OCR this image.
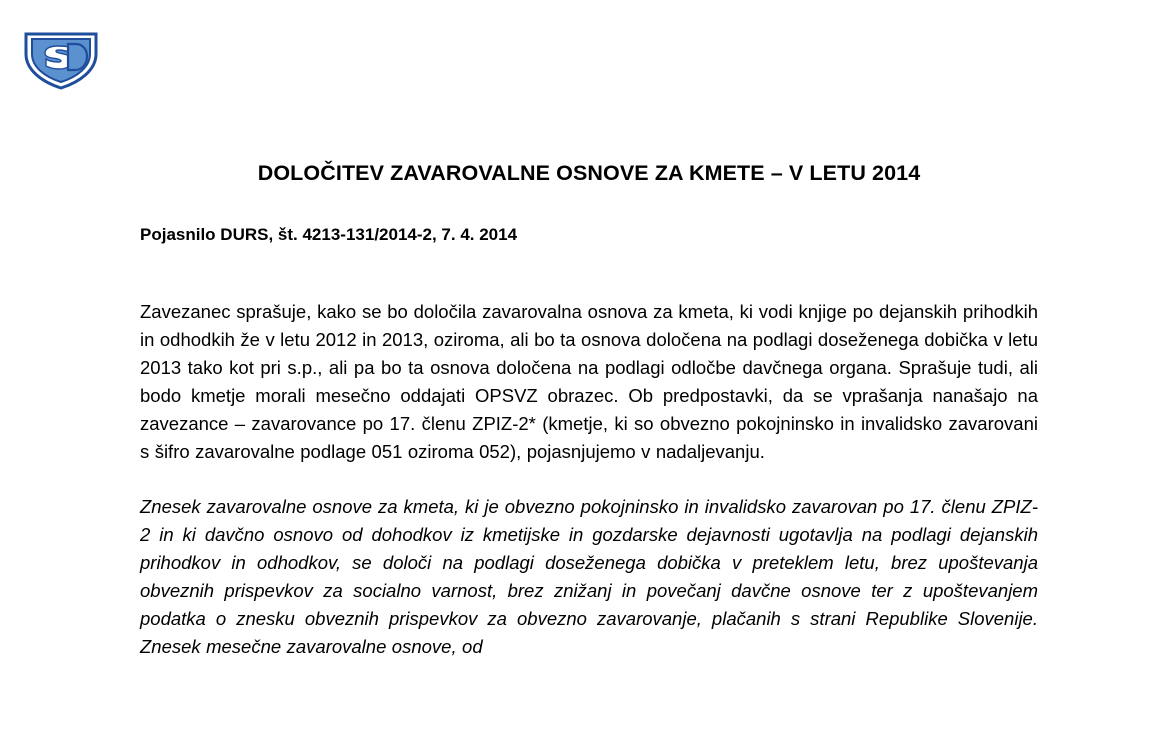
DOLOČITEV ZAVAROVALNE OSNOVE ZA KMETE – V LETU 2014

Pojasnilo DURS, št. 4213-131/2014-2, 7. 4. 2014

Zavezanec sprašuje, kako se bo določila zavarovalna osnova za kmeta, ki vodi knjige po dejanskih prihodkih in odhodkih že v letu 2012 in 2013, oziroma, ali bo ta osnova določena na podlagi doseženega dobička v letu 2013 tako kot pri s.p., ali pa bo ta osnova določena na podlagi odločbe davčnega organa. Sprašuje tudi, ali bodo kmetje morali mesečno oddajati OPSVZ obrazec. Ob predpostavki, da se vprašanja nanašajo na zavezance – zavarovance po 17. členu ZPIZ-2* (kmetje, ki so obvezno pokojninsko in invalidsko zavarovani s šifro zavarovalne podlage 051 oziroma 052), pojasnjujemo v nadaljevanju.

Znesek zavarovalne osnove za kmeta, ki je obvezno pokojninsko in invalidsko zavarovan po 17. členu ZPIZ-2 in ki davčno osnovo od dohodkov iz kmetijske in gozdarske dejavnosti ugotavlja na podlagi dejanskih prihodkov in odhodkov, se določi na podlagi doseženega dobička v preteklem letu, brez upoštevanja obveznih prispevkov za socialno varnost, brez znižanj in povečanj davčne osnove ter z upoštevanjem podatka o znesku obveznih prispevkov za obvezno zavarovanje, plačanih s strani Republike Slovenije. Znesek mesečne zavarovalne osnove, od
